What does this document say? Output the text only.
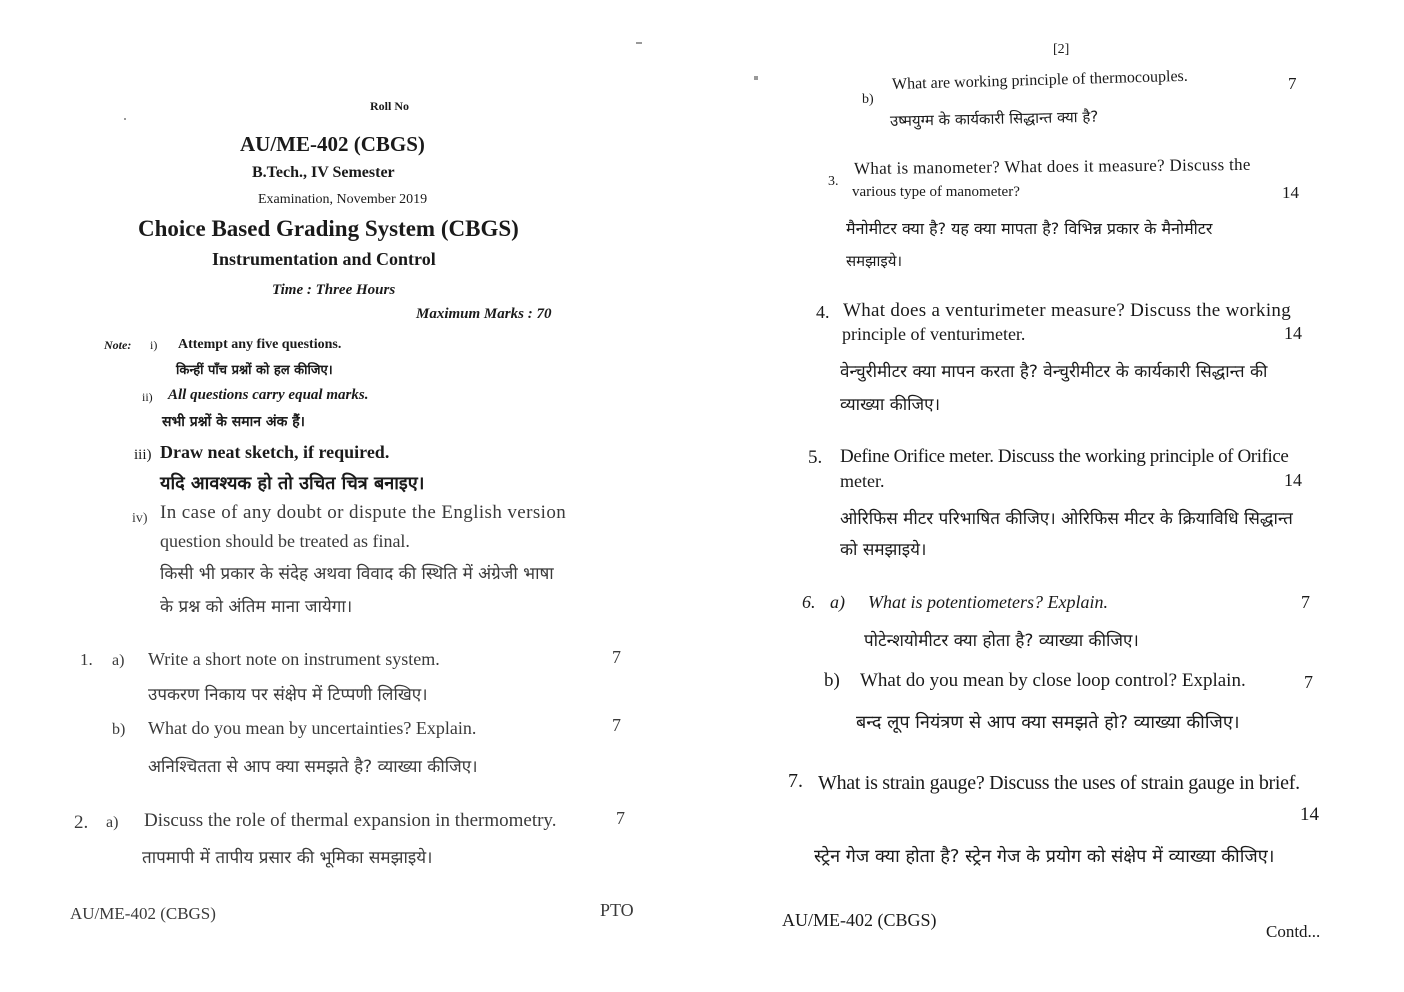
Roll No
AU/ME-402 (CBGS)
B.Tech., IV Semester
Examination, November 2019
Choice Based Grading System (CBGS)
Instrumentation and Control
Time : Three Hours
Maximum Marks : 70
Note: i) Attempt any five questions.
किन्हीं पाँच प्रश्नों को हल कीजिए।
ii) All questions carry equal marks.
सभी प्रश्नों के समान अंक हैं।
iii) Draw neat sketch, if required.
यदि आवश्यक हो तो उचित चित्र बनाइए।
iv) In case of any doubt or dispute the English version
question should be treated as final.
किसी भी प्रकार के संदेह अथवा विवाद की स्थिति में अंग्रेजी भाषा
के प्रश्न को अंतिम माना जायेगा।
1. a) Write a short note on instrument system.	7
उपकरण निकाय पर संक्षेप में टिप्पणी लिखिए।
b) What do you mean by uncertainties? Explain.	7
अनिश्चितता से आप क्या समझते है? व्याख्या कीजिए।
2. a) Discuss the role of thermal expansion in thermometry.	7
तापमापी में तापीय प्रसार की भूमिका समझाइये।
AU/ME-402 (CBGS)	PTO
[2]
b)
What are working principle of thermocouples.	7
उष्मयुग्म के कार्यकारी सिद्धान्त क्या है?
3.
What is manometer? What does it measure? Discuss the
various type of manometer?	14
मैनोमीटर क्या है? यह क्या मापता है? विभिन्न प्रकार के मैनोमीटर
समझाइये।
4. What does a venturimeter measure? Discuss the working
principle of venturimeter.	14
वेन्चुरीमीटर क्या मापन करता है? वेन्चुरीमीटर के कार्यकारी सिद्धान्त की
व्याख्या कीजिए।
5. Define Orifice meter. Discuss the working principle of Orifice
meter.	14
ओरिफिस मीटर परिभाषित कीजिए। ओरिफिस मीटर के क्रियाविधि सिद्धान्त
को समझाइये।
6. a) What is potentiometers? Explain.	7
पोटेन्शयोमीटर क्या होता है? व्याख्या कीजिए।
b) What do you mean by close loop control? Explain.	7
बन्द लूप नियंत्रण से आप क्या समझते हो? व्याख्या कीजिए।
7. What is strain gauge? Discuss the uses of strain gauge in brief.
14
स्ट्रेन गेज क्या होता है? स्ट्रेन गेज के प्रयोग को संक्षेप में व्याख्या कीजिए।
AU/ME-402 (CBGS)
Contd...
